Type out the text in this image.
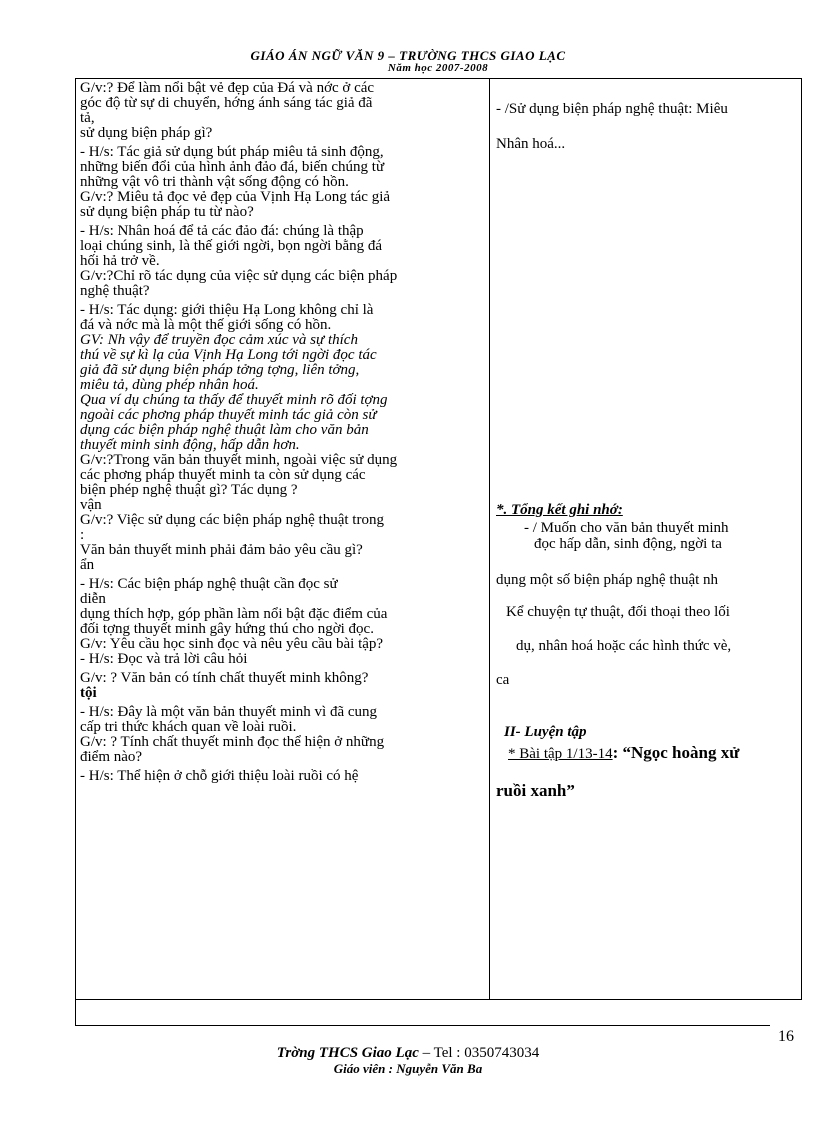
GIÁO ÁN NGỮ VĂN 9 – TRƯỜNG THCS GIAO LẠC
Năm học 2007-2008
G/v:? Để làm nổi bật vẻ đẹp của Đá và nớc ở các
góc độ từ sự di chuyển, hớng ánh sáng tác giả đã
tả,
sử dụng biện pháp gì?
- H/s: Tác giả sử dụng bút pháp miêu tả sinh động,
những biến đổi của hình ảnh đảo đá, biến chúng từ
những vật vô tri thành vật sống động có hồn.
G/v:? Miêu tả đọc vẻ đẹp của Vịnh Hạ Long tác giả
sử dụng biện pháp tu từ nào?
- H/s: Nhân hoá để tả các đảo đá: chúng là thập
loại chúng sinh, là thế giới ngời, bọn ngời bằng đá
hối hả trở về.
G/v:?Chỉ rõ tác dụng của việc sử dụng các biện pháp
nghệ thuật?
- H/s: Tác dụng: giới thiệu Hạ Long không chỉ là
đá và nớc mà là một thế giới sống có hồn.
GV: Nh vậy để truyền đọc cảm xúc và sự thích
thú về sự kì lạ của Vịnh Hạ Long tới ngời đọc tác
giả đã sử dụng biện pháp tởng tợng, liên tởng,
miêu tả, dùng phép nhân hoá.
Qua ví dụ chúng ta thấy để thuyết minh rõ đối tợng
ngoài các phơng pháp thuyết minh tác giả còn sử
dụng các biện pháp nghệ thuật làm cho văn bản
thuyết minh sinh động, hấp dẫn hơn.
G/v:?Trong văn bản thuyết minh, ngoài việc sử dụng
các phơng pháp thuyết minh ta còn sử dụng các
biện phép nghệ thuật gì? Tác dụng ?
vận
G/v:? Việc sử dụng các biện pháp nghệ thuật trong
:
Văn bản thuyết minh phải đảm bảo yêu cầu gì?
ẩn
- H/s: Các biện pháp nghệ thuật cần đọc sử
diễn
dụng thích hợp, góp phần làm nổi bật đặc điểm của
đối tợng thuyết minh gây hứng thú cho ngời đọc.
G/v: Yêu cầu học sinh đọc và nêu yêu cầu bài tập?
- H/s: Đọc và trả lời câu hỏi
G/v: ? Văn bản có tính chất thuyết minh không?
tội
- H/s: Đây là một văn bản thuyết minh vì đã cung
cấp tri thức khách quan về loài ruồi.
G/v: ? Tính chất thuyết minh đọc thể hiện ở những
điểm nào?
- H/s: Thể hiện ở chỗ giới thiệu loài ruồi có hệ
- /Sử dụng biện pháp nghệ thuật: Miêu
Nhân hoá...
*. Tổng kết ghi nhớ:
- / Muốn cho văn bản thuyết minh
đọc hấp dẫn, sinh động, ngời ta
dụng một số biện pháp nghệ thuật nh
Kể chuyện tự thuật, đối thoại theo lối
dụ, nhân hoá hoặc các hình thức vè,
ca
II- Luyện tập
* Bài tập 1/13-14: “Ngọc hoàng xử
ruồi xanh”
16
Trờng THCS Giao Lạc – Tel : 0350743034
Giáo viên : Nguyễn Văn Ba
